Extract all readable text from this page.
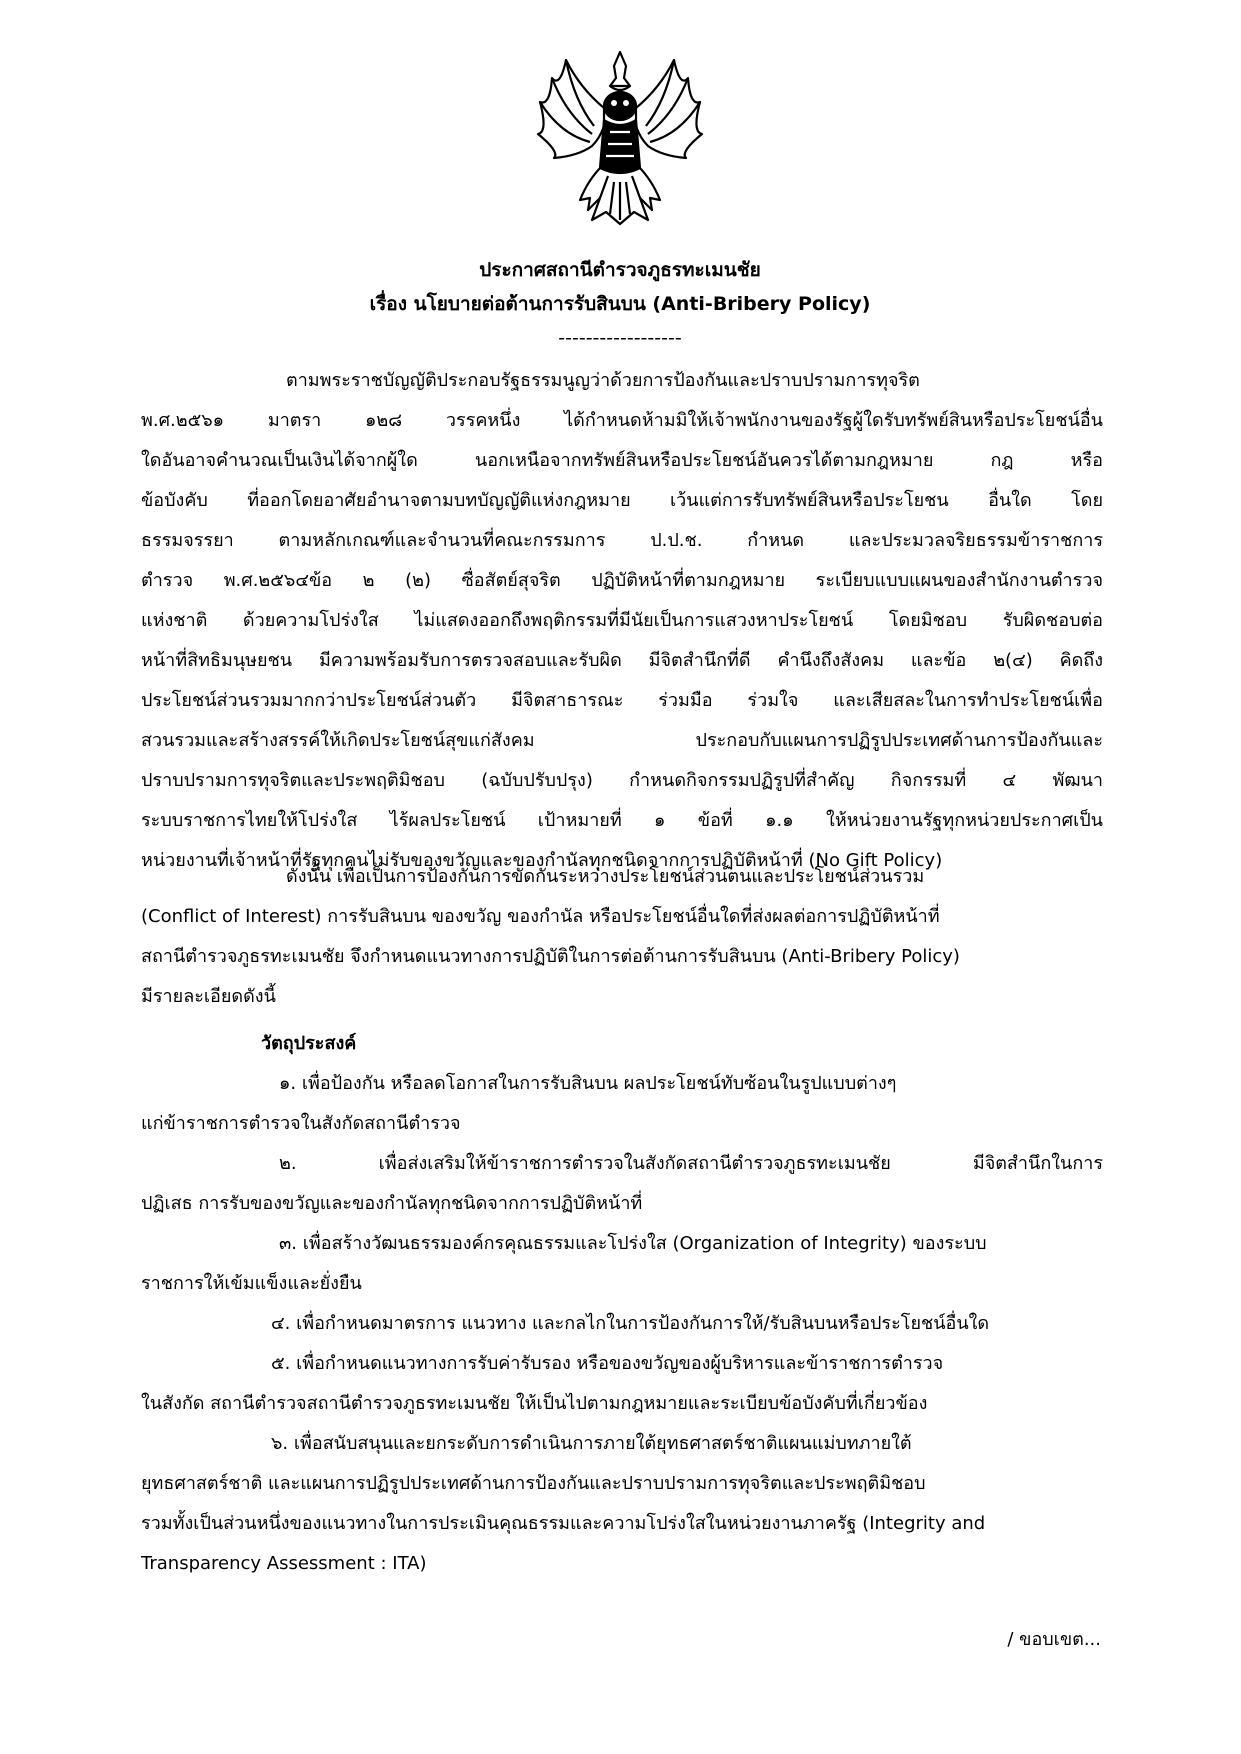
ประกาศสถานีตำรวจภูธรทะเมนชัย
เรื่อง นโยบายต่อต้านการรับสินบน (Anti-Bribery Policy)
------------------
ตามพระราชบัญญัติประกอบรัฐธรรมนูญว่าด้วยการป้องกันและปราบปรามการทุจริต
พ.ศ.๒๕๖๑ มาตรา ๑๒๘ วรรคหนึ่ง ได้กำหนดห้ามมิให้เจ้าพนักงานของรัฐผู้ใดรับทรัพย์สินหรือประโยชน์อื่น
ใดอันอาจคำนวณเป็นเงินได้จากผู้ใด นอกเหนือจากทรัพย์สินหรือประโยชน์อันควรได้ตามกฎหมาย กฎ หรือ
ข้อบังคับ ที่ออกโดยอาศัยอำนาจตามบทบัญญัติแห่งกฎหมาย เว้นแต่การรับทรัพย์สินหรือประโยชน อื่นใด โดย
ธรรมจรรยา ตามหลักเกณฑ์และจำนวนที่คณะกรรมการ ป.ป.ช. กำหนด และประมวลจริยธรรมข้าราชการ
ตำรวจ พ.ศ.๒๕๖๔ข้อ ๒ (๒) ซื่อสัตย์สุจริต ปฏิบัติหน้าที่ตามกฎหมาย ระเบียบแบบแผนของสำนักงานตำรวจ
แห่งชาติ ด้วยความโปร่งใส ไม่แสดงออกถึงพฤติกรรมที่มีนัยเป็นการแสวงหาประโยชน์ โดยมิชอบ รับผิดชอบต่อ
หน้าที่สิทธิมนุษยชน มีความพร้อมรับการตรวจสอบและรับผิด มีจิตสำนึกที่ดี คำนึงถึงสังคม และข้อ ๒(๔) คิดถึง
ประโยชน์ส่วนรวมมากกว่าประโยชน์ส่วนตัว มีจิตสาธารณะ ร่วมมือ ร่วมใจ และเสียสละในการทำประโยชน์เพื่อ
สวนรวมและสร้างสรรค์ให้เกิดประโยชน์สุขแก่สังคม ประกอบกับแผนการปฏิรูปประเทศด้านการป้องกันและ
ปราบปรามการทุจริตและประพฤติมิชอบ (ฉบับปรับปรุง) กำหนดกิจกรรมปฏิรูปที่สำคัญ กิจกรรมที่ ๔ พัฒนา
ระบบราชการไทยให้โปร่งใส ไร้ผลประโยชน์ เป้าหมายที่ ๑ ข้อที่ ๑.๑ ให้หน่วยงานรัฐทุกหน่วยประกาศเป็น
หน่วยงานที่เจ้าหน้าที่รัฐทุกคนไม่รับของขวัญและของกำนัลทุกชนิดจากการปฏิบัติหน้าที่ (No Gift Policy)
ดังนั้น เพื่อเป็นการป้องกันการขัดกันระหว่างประโยชน์ส่วนตนและประโยชน์ส่วนรวม
(Conflict of Interest) การรับสินบน ของขวัญ ของกำนัล หรือประโยชน์อื่นใดที่ส่งผลต่อการปฏิบัติหน้าที่
สถานีตำรวจภูธรทะเมนชัย จึงกำหนดแนวทางการปฏิบัติในการต่อต้านการรับสินบน (Anti-Bribery Policy)
มีรายละเอียดดังนี้
วัตถุประสงค์
๑. เพื่อป้องกัน หรือลดโอกาสในการรับสินบน ผลประโยชน์ทับซ้อนในรูปแบบต่างๆ
แก่ข้าราชการตำรวจในสังกัดสถานีตำรวจ
๒. เพื่อส่งเสริมให้ข้าราชการตำรวจในสังกัดสถานีตำรวจภูธรทะเมนชัย มีจิตสำนึกในการ
ปฏิเสธ การรับของขวัญและของกำนัลทุกชนิดจากการปฏิบัติหน้าที่
๓. เพื่อสร้างวัฒนธรรมองค์กรคุณธรรมและโปร่งใส (Organization of Integrity) ของระบบ
ราชการให้เข้มแข็งและยั่งยืน
๔. เพื่อกำหนดมาตรการ แนวทาง และกลไกในการป้องกันการให้/รับสินบนหรือประโยชน์อื่นใด
๕. เพื่อกำหนดแนวทางการรับค่ารับรอง หรือของขวัญของผู้บริหารและข้าราชการตำรวจ
ในสังกัด สถานีตำรวจสถานีตำรวจภูธรทะเมนชัย ให้เป็นไปตามกฎหมายและระเบียบข้อบังคับที่เกี่ยวข้อง
๖. เพื่อสนับสนุนและยกระดับการดำเนินการภายใต้ยุทธศาสตร์ชาติแผนแม่บทภายใต้
ยุทธศาสตร์ชาติ และแผนการปฏิรูปประเทศด้านการป้องกันและปราบปรามการทุจริตและประพฤติมิชอบ
รวมทั้งเป็นส่วนหนึ่งของแนวทางในการประเมินคุณธรรมและความโปร่งใสในหน่วยงานภาครัฐ (Integrity and
Transparency Assessment : ITA)
/ ขอบเขต...
